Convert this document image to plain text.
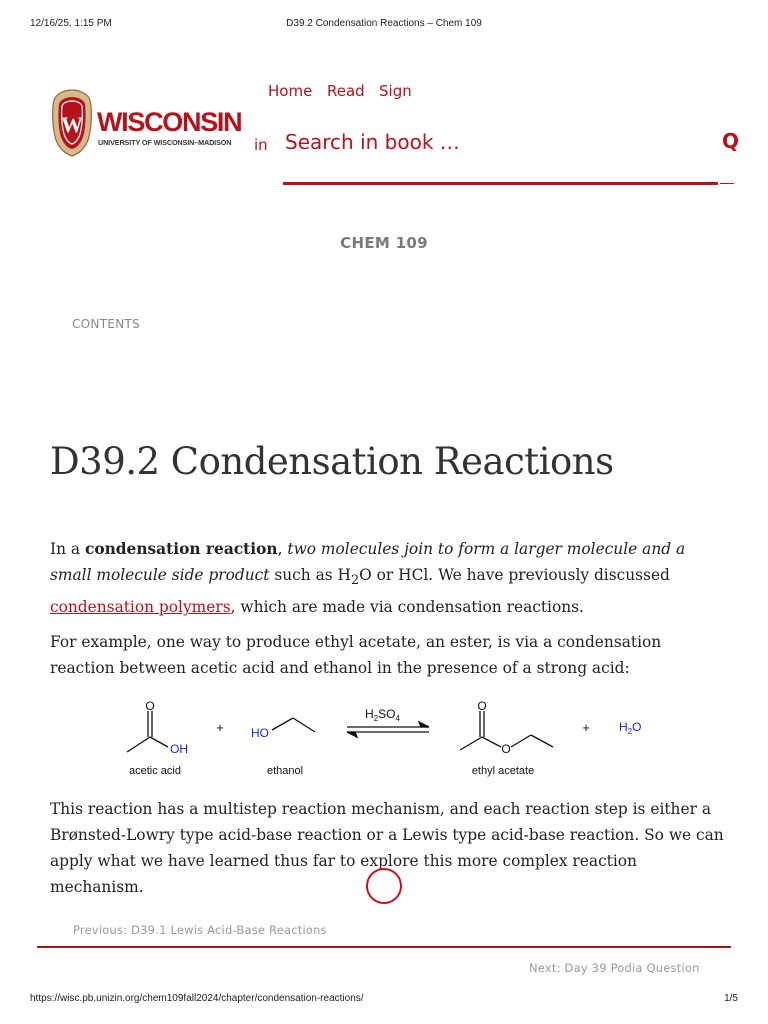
12/16/25, 1:15 PM	D39.2 Condensation Reactions – Chem 109
W WISCONSIN
UNIVERSITY OF WISCONSIN–MADISON
Home Read Sign
in
Search in book …	Q
CHEM 109
CONTENTS
D39.2 Condensation Reactions

In a condensation reaction, two molecules join to form a larger molecule and a small molecule side product such as $H_2O$ or HCl. We have previously discussed condensation polymers, which are made via condensation reactions.

For example, one way to produce ethyl acetate, an ester, is via a condensation reaction between acetic acid and ethanol in the presence of a strong acid:

O
OH
acetic acid
+ HO
ethanol
$H_2SO_4$
O
O
ethyl acetate
+ $H_2O$

This reaction has a multistep reaction mechanism, and each reaction step is either a Brønsted-Lowry type acid-base reaction or a Lewis type acid-base reaction. So we can apply what we have learned thus far to explore this more complex reaction mechanism.

Previous: D39.1 Lewis Acid-Base Reactions
Next: Day 39 Podia Question
https://wisc.pb.unizin.org/chem109fall2024/chapter/condensation-reactions/	1/5
